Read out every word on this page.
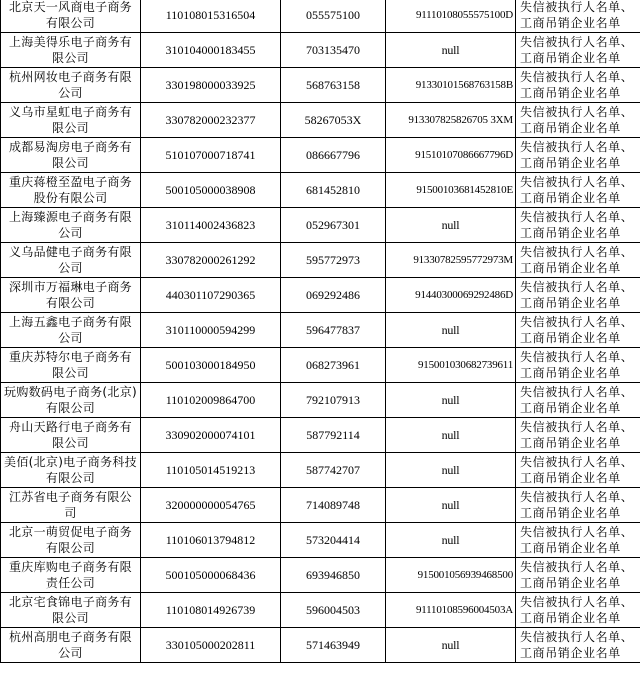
北京天一风商电子商务有限公司	110108015316504	055575100	91110108055575100D	失信被执行人名单、工商吊销企业名单
上海美得乐电子商务有限公司	310104000183455	703135470	null	失信被执行人名单、工商吊销企业名单
杭州网妆电子商务有限公司	330198000033925	568763158	91330101568763158B	失信被执行人名单、工商吊销企业名单
义乌市星虹电子商务有限公司	330782000232377	58267053X	913307825826705 3XM	失信被执行人名单、工商吊销企业名单
成都易淘房电子商务有限公司	510107000718741	086667796	91510107086667796D	失信被执行人名单、工商吊销企业名单
重庆蒋橙至盈电子商务股份有限公司	500105000038908	681452810	91500103681452810E	失信被执行人名单、工商吊销企业名单
上海臻源电子商务有限公司	310114002436823	052967301	null	失信被执行人名单、工商吊销企业名单
义乌品健电子商务有限公司	330782000261292	595772973	91330782595772973M	失信被执行人名单、工商吊销企业名单
深圳市万福琳电子商务有限公司	440301107290365	069292486	91440300069292486D	失信被执行人名单、工商吊销企业名单
上海五鑫电子商务有限公司	310110000594299	596477837	null	失信被执行人名单、工商吊销企业名单
重庆苏特尔电子商务有限公司	500103000184950	068273961	915001030682739611	失信被执行人名单、工商吊销企业名单
玩购数码电子商务(北京)有限公司	110102009864700	792107913	null	失信被执行人名单、工商吊销企业名单
舟山天路行电子商务有限公司	330902000074101	587792114	null	失信被执行人名单、工商吊销企业名单
美佰(北京)电子商务科技有限公司	110105014519213	587742707	null	失信被执行人名单、工商吊销企业名单
江苏省电子商务有限公司	320000000054765	714089748	null	失信被执行人名单、工商吊销企业名单
北京一萌贸促电子商务有限公司	110106013794812	573204414	null	失信被执行人名单、工商吊销企业名单
重庆库购电子商务有限责任公司	500105000068436	693946850	915001056939468500	失信被执行人名单、工商吊销企业名单
北京宅食锦电子商务有限公司	110108014926739	596004503	91110108596004503A	失信被执行人名单、工商吊销企业名单
杭州高朋电子商务有限公司	330105000202811	571463949	null	失信被执行人名单、工商吊销企业名单
